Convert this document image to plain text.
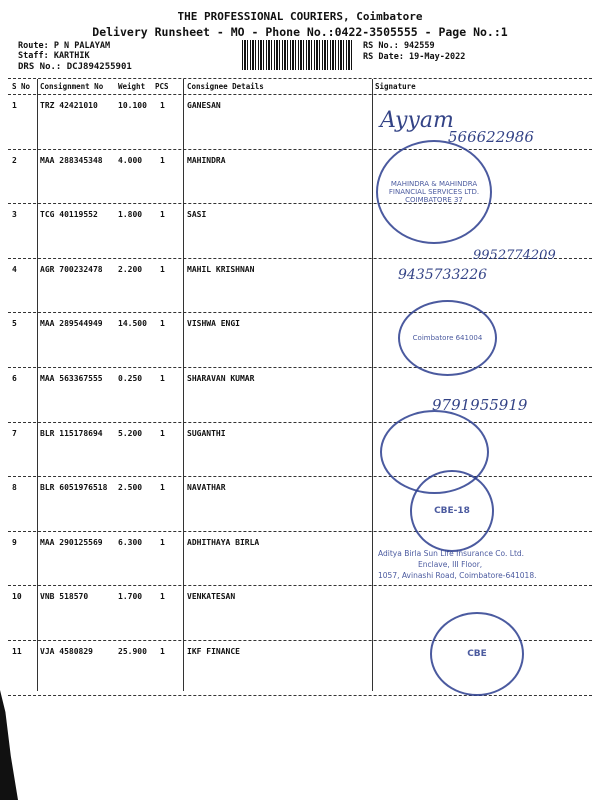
THE PROFESSIONAL COURIERS, Coimbatore
Delivery Runsheet - MO - Phone No.:0422-3505555 - Page No.:1
Route: P N PALAYAM
Staff: KARTHIK
DRS No.: DCJ894255901
RS No.: 942559
RS Date: 19-May-2022
S No Consignment No Weight PCS Consignee Details	Signature
1	TRZ 42421010	10.100 1	GANESAN
2	MAA 288345348 4.000 1	MAHINDRA
3	TCG 40119552	1.800 1	SASI
4	AGR 700232478 2.200 1	MAHIL KRISHNAN
5	MAA 289544949 14.500 1	VISHWA ENGI
6	MAA 563367555 0.250 1	SHARAVAN KUMAR
7	BLR 115178694 5.200 1	SUGANTHI
8	BLR 6051976518 2.500 1	NAVATHAR
9	MAA 290125569 6.300 1	ADHITHAYA BIRLA
10 VNB 518570	1.700 1	VENKATESAN
11 VJA 4580829	25.900 1	IKF FINANCE
Ayyam
566622986
MAHINDRA & MAHINDRA FINANCIAL SERVICES LTD. COIMBATORE 37
9952774209
9435733226
Coimbatore 641004
9791955919
CBE-18
Aditya Birla Sun Life Insurance Co. Ltd.
Enclave, III Floor,
1057, Avinashi Road, Coimbatore-641018.
CBE
